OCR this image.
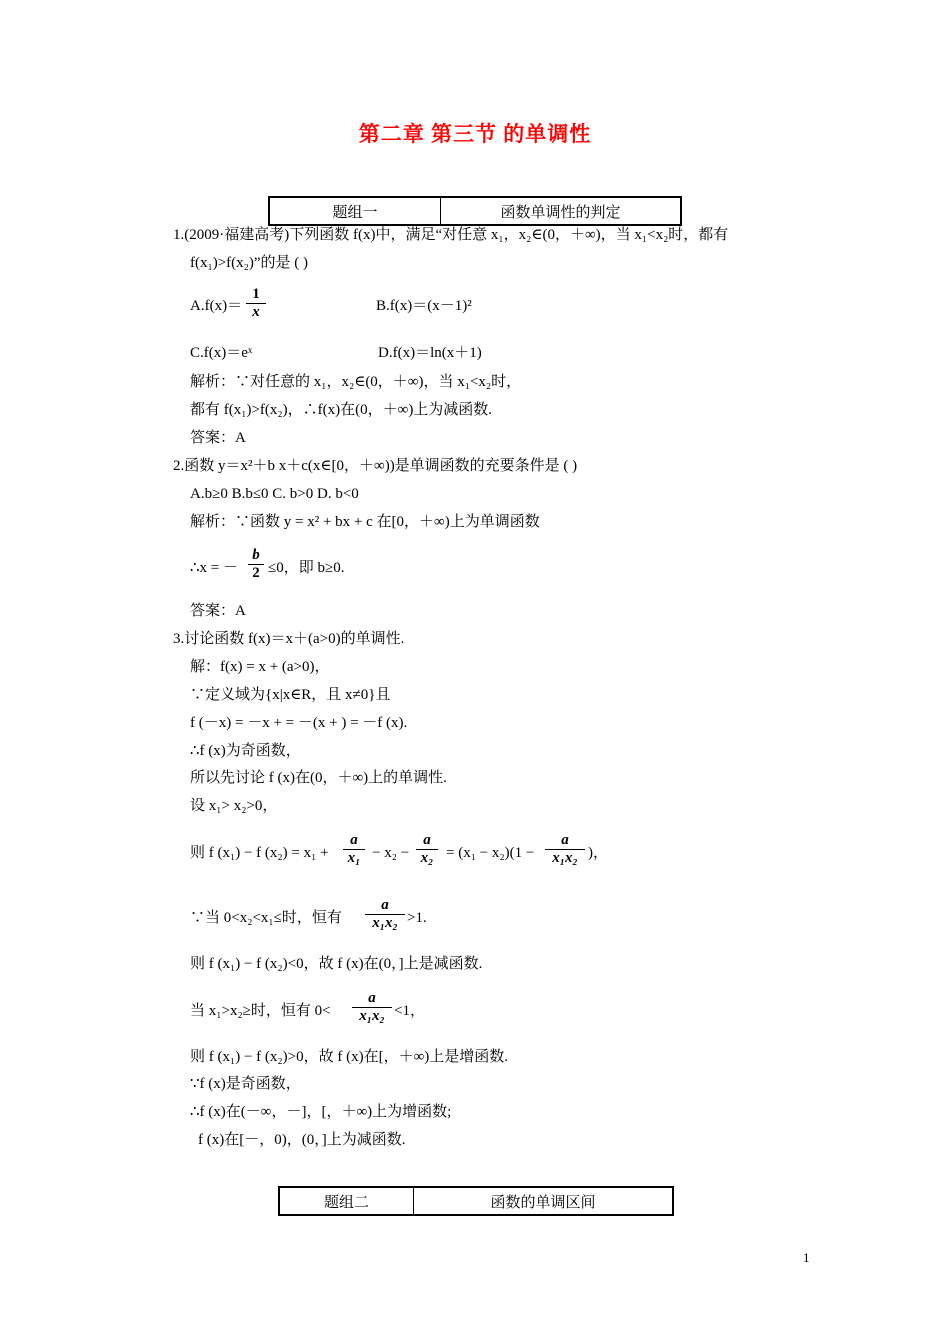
第二章 第三节 的单调性
题组一	函数单调性的判定
1.(2009·福建高考)下列函数 f(x)中，满足“对任意 x₁，x₂∈(0，＋∞)，当 x₁<x₂时，都有
f(x₁)>f(x₂)”的是 ( )
$A.f(x)= \frac{1}{x}$	B.f(x)＝(x－1)²
C.f(x)＝eˣ	D.f(x)＝ln(x＋1)
解析：∵对任意的 x₁，x₂∈(0，＋∞)，当 x₁<x₂时，
都有 f(x₁)>f(x₂)，∴f(x)在(0，＋∞)上为减函数.
答案：A
2.函数 y＝x²＋b x＋c(x∈[0，＋∞))是单调函数的充要条件是 ( )
A.b≥0 B.b≤0 C. b>0 D. b<0
解析：∵函数 y = x² + bx + c 在[0，＋∞)上为单调函数
∴x = － $\frac{b}{2} \le 0$，即 b≥0.
答案：A
3.讨论函数 f(x)＝x＋(a>0)的单调性.
解：f(x) = x + (a>0)，
∵定义域为{x|x∈R，且 x≠0}且
f (－x) = －x + = －(x + ) = －f (x).
∴f (x)为奇函数，
所以先讨论 f (x)在(0，＋∞)上的单调性.
设 x₁> x₂>0，
则 f (x₁) − f $(x_2) = x_1 + \frac{a}{\text{x₁}} - x_2 - \frac{a}{\text{x₂}} = (x_1 - x_2)(1 - \frac{a}{\text{x₁x₂}}$ )，
∵当 0<x₂<x₁≤时，恒有 $\frac{a}{\text{x₁x₂}} >1$.
则 f (x₁) − f (x₂)<0，故 f (x)在(0，]上是减函数.
当 x₁>x₂≥时，恒有 $0< \frac{a}{\text{x₁x₂}} <1$，
则 f (x₁) − f (x₂)>0，故 f (x)在[，＋∞)上是增函数.
∵f (x)是奇函数，
∴f (x)在(－∞，－]，[，＋∞)上为增函数;
f (x)在[－，0)，(0，]上为减函数.
题组二	函数的单调区间
1
